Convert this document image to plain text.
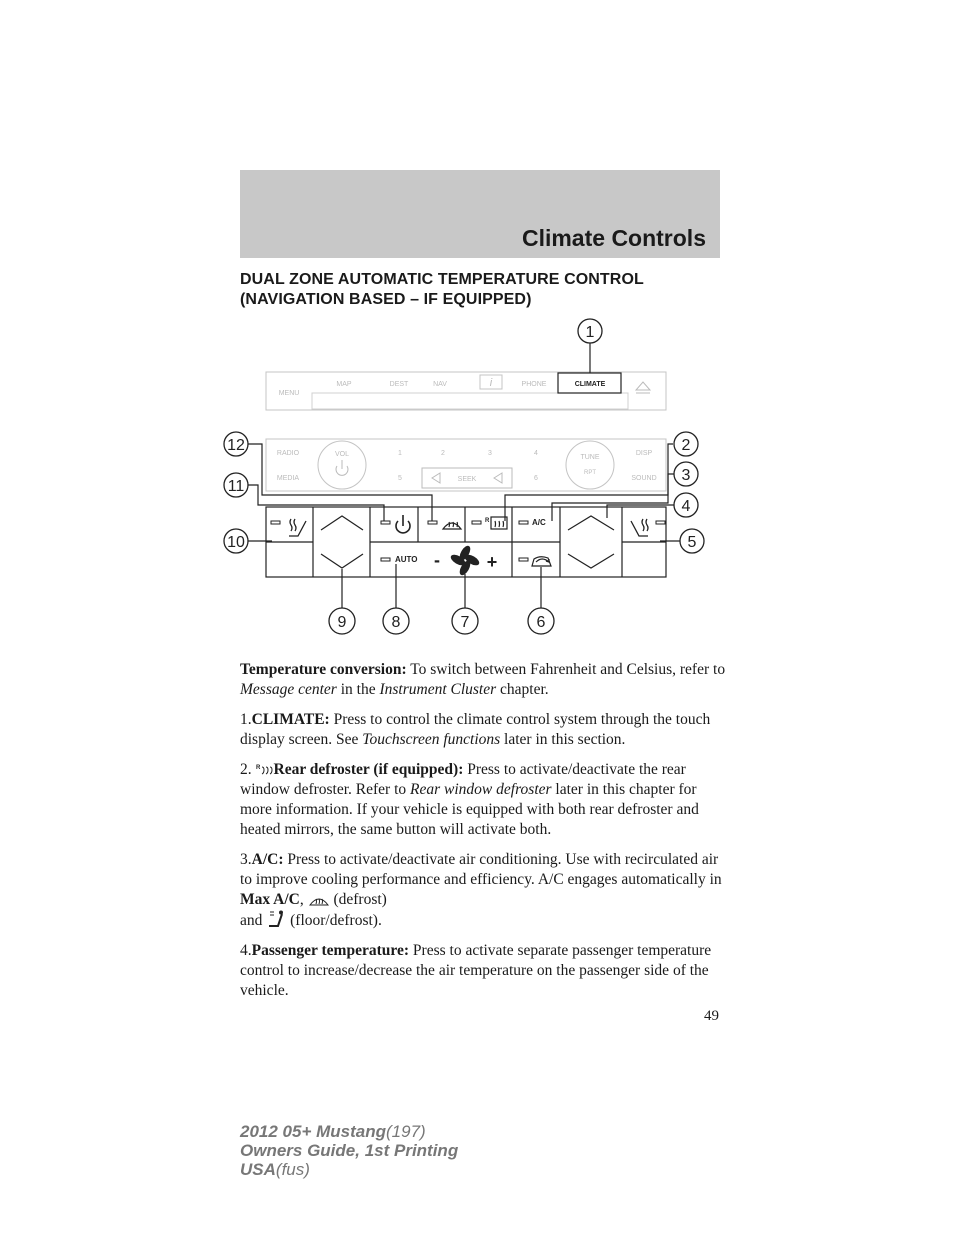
Climate Controls
DUAL ZONE AUTOMATIC TEMPERATURE CONTROL (NAVIGATION BASED – IF EQUIPPED)
MENU
MAP	DEST	NAV	i	PHONE	CLIMATE
RADIO
MEDIA
VOL	1	2	3	4
5	6
SEEK
TUNE
RPT
DISP
SOUND
R	A/C
AUTO -	+
1
2
3
4
5
6
7
8
9
10
11
12

Temperature conversion: To switch between Fahrenheit and Celsius, refer to Message center in the Instrument Cluster chapter.

1.CLIMATE: Press to control the climate control system through the touch display screen. See Touchscreen functions later in this section.

2. R Rear defroster (if equipped): Press to activate/deactivate the rear window defroster. Refer to Rear window defroster later in this chapter for more information. If your vehicle is equipped with both rear defroster and heated mirrors, the same button will activate both.

3.A/C: Press to activate/deactivate air conditioning. Use with recirculated air to improve cooling performance and efficiency. A/C engages automatically in Max A/C, (defrost)
and (floor/defrost).

4.Passenger temperature: Press to activate separate passenger temperature control to increase/decrease the air temperature on the passenger side of the vehicle.

49
2012 05+ Mustang(197)
Owners Guide, 1st Printing
USA(fus)
